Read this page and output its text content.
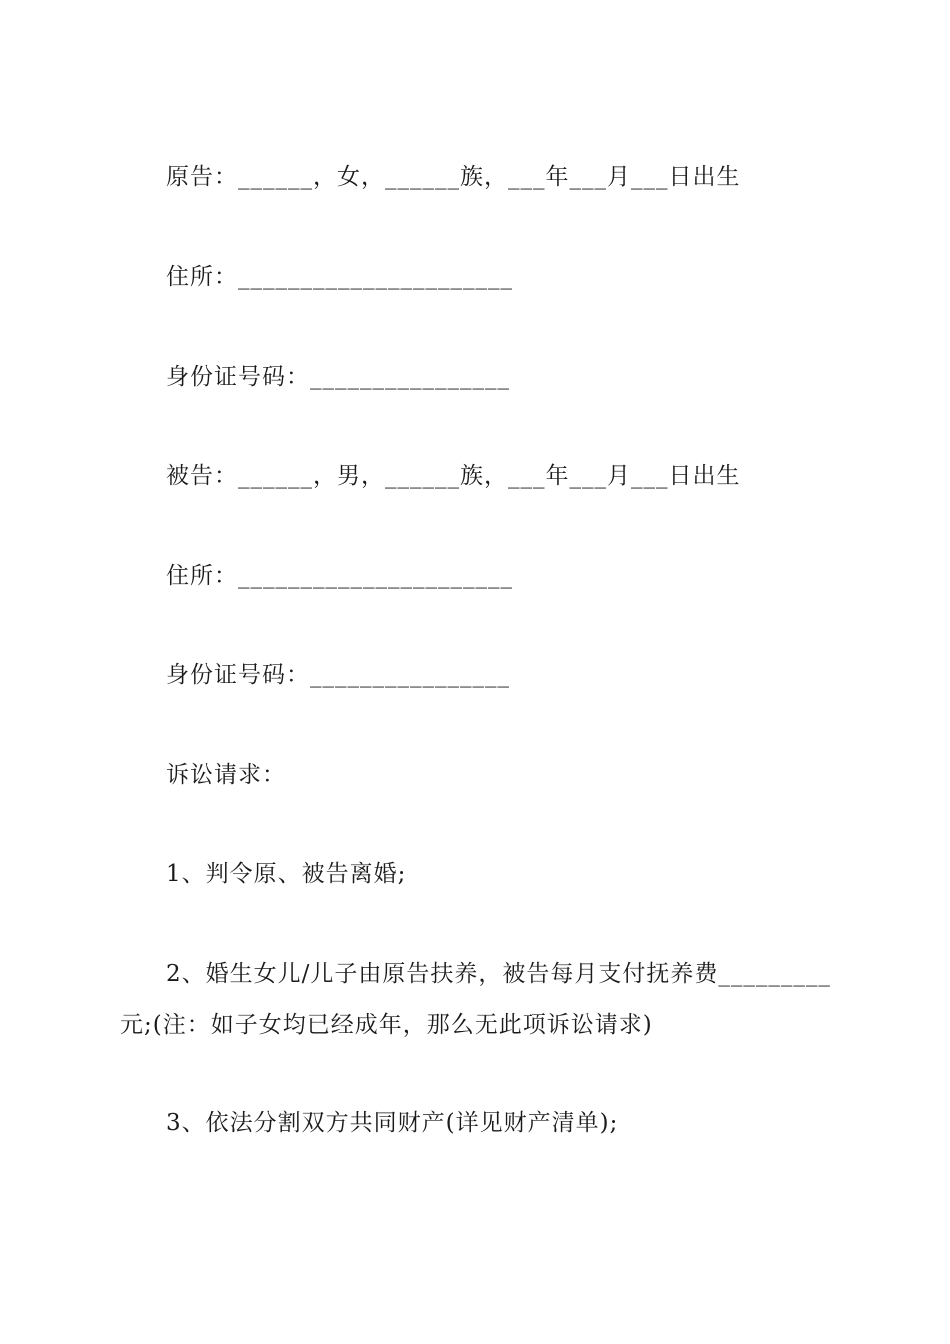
原告：______，女，______族，___年___月___日出生
住所：______________________
身份证号码：________________
被告：______，男，______族，___年___月___日出生
住所：______________________
身份证号码：________________
诉讼请求：
1、判令原、被告离婚;
2、婚生女儿/儿子由原告扶养，被告每月支付抚养费_________
元;(注：如子女均已经成年，那么无此项诉讼请求)
3、依法分割双方共同财产(详见财产清单);
